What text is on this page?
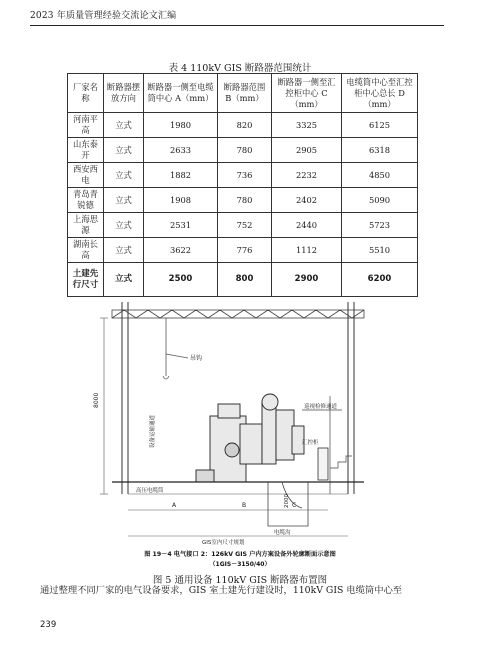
2023 年质量管理经验交流论文汇编
表 4 110kV GIS 断路器范围统计
厂家名称	断路器摆放方向	断路器一侧至电缆筒中心 A（mm）	断路器范围 B（mm）	断路器一侧至汇控柜中心 C（mm）	电缆筒中心至汇控柜中心总长 D（mm）
河南平高	立式	1980	820	3325	6125
山东泰开	立式	2633	780	2905	6318
西安西电	立式	1882	736	2232	4850
青岛青锐德	立式	1908	780	2402	5090
上海思源	立式	2531	752	2440	5723
湖南长高	立式	3622	776	1112	5510
土建先行尺寸	立式	2500	800	2900	6200
吊钩
8000
设备运输通道
巡视检修通道
汇控柜
电缆沟
2000
A	B	C
高压电缆筒
GIS室内尺寸规划
图 19－4 电气接口 2：126kV GIS 户内方案设备外轮廓断面示意图
（1GIS－3150/40）
图 5 通用设备 110kV GIS 断路器布置图
通过整理不同厂家的电气设备要求，GIS 室土建先行建设时，110kV GIS 电缆筒中心至
239
